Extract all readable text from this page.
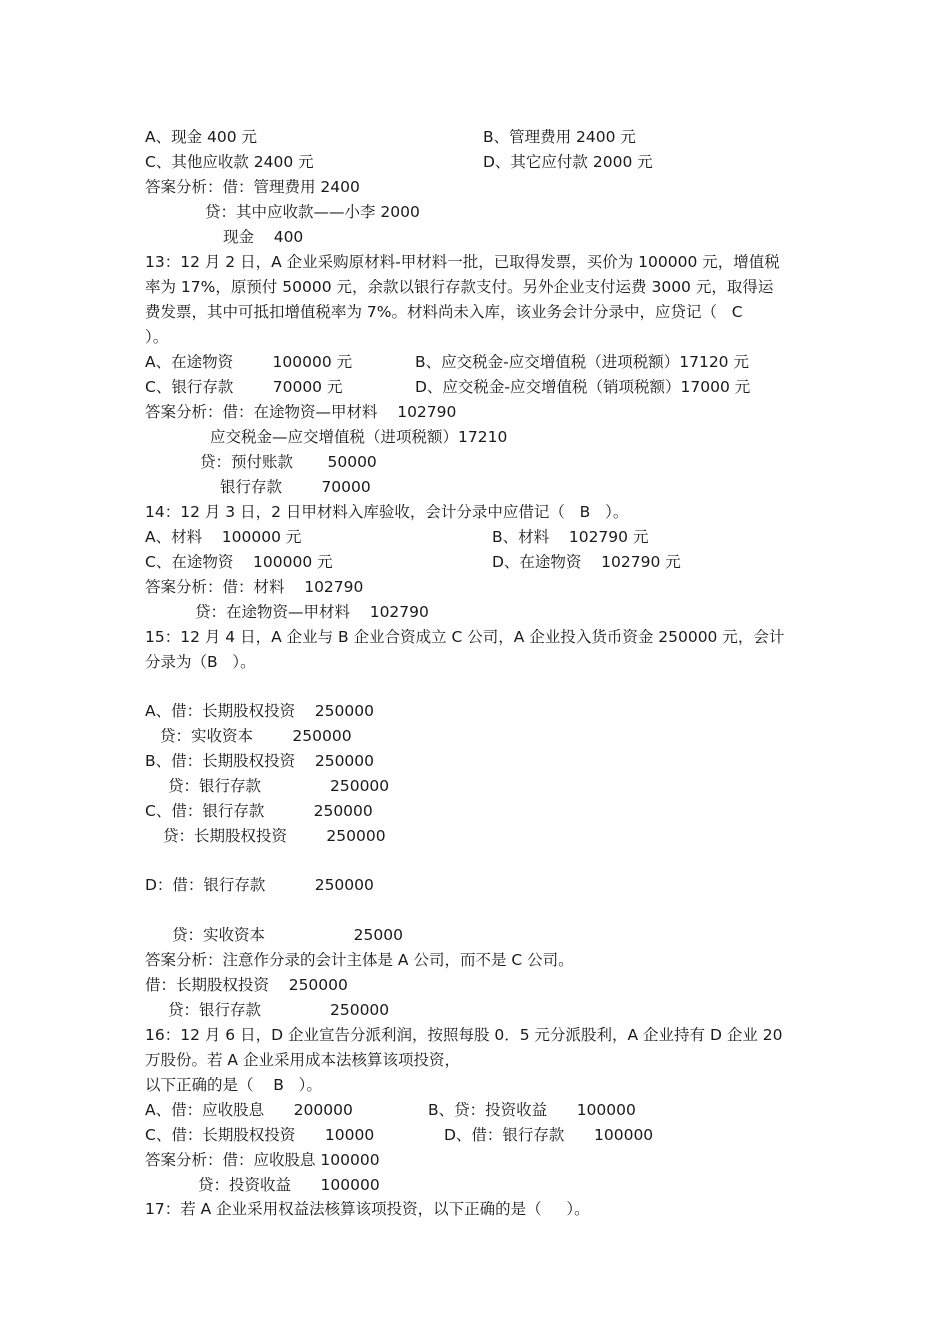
A、现金 400 元	B、管理费用 2400 元
C、其他应收款 2400 元	D、其它应付款 2000 元
答案分析：借：管理费用 2400
贷：其中应收款——小李 2000
现金    400
13：12 月 2 日，A 企业采购原材料-甲材料一批，已取得发票，买价为 100000 元，增值税
率为 17%，原预付 50000 元，余款以银行存款支付。另外企业支付运费 3000 元，取得运
费发票，其中可抵扣增值税率为 7%。材料尚未入库，该业务会计分录中，应贷记（   C
）。
A、在途物资        100000 元	B、应交税金-应交增值税（进项税额）17120 元
C、银行存款        70000 元	D、应交税金-应交增值税（销项税额）17000 元
答案分析：借：在途物资—甲材料    102790
应交税金—应交增值税（进项税额）17210
贷：预付账款       50000
银行存款        70000
14：12 月 3 日，2 日甲材料入库验收，会计分录中应借记（   B   ）。
A、材料    100000 元	B、材料    102790 元
C、在途物资    100000 元	D、在途物资    102790 元
答案分析：借：材料    102790
贷：在途物资—甲材料    102790
15：12 月 4 日，A 企业与 B 企业合资成立 C 公司，A 企业投入货币资金 250000 元，会计
分录为（B   ）。
A、借：长期股权投资    250000
贷：实收资本        250000
B、借：长期股权投资    250000
贷：银行存款              250000
C、借：银行存款          250000
贷：长期股权投资        250000
D：借：银行存款          250000
贷：实收资本                  25000
答案分析：注意作分录的会计主体是 A 公司，而不是 C 公司。
借：长期股权投资    250000
贷：银行存款              250000
16：12 月 6 日，D 企业宣告分派利润，按照每股 0．5 元分派股利，A 企业持有 D 企业 20
万股份。若 A 企业采用成本法核算该项投资，
以下正确的是（    B   ）。
A、借：应收股息      200000	B、贷：投资收益      100000
C、借：长期股权投资      10000	D、借：银行存款      100000
答案分析：借：应收股息 100000
贷：投资收益      100000
17：若 A 企业采用权益法核算该项投资，以下正确的是（     ）。
